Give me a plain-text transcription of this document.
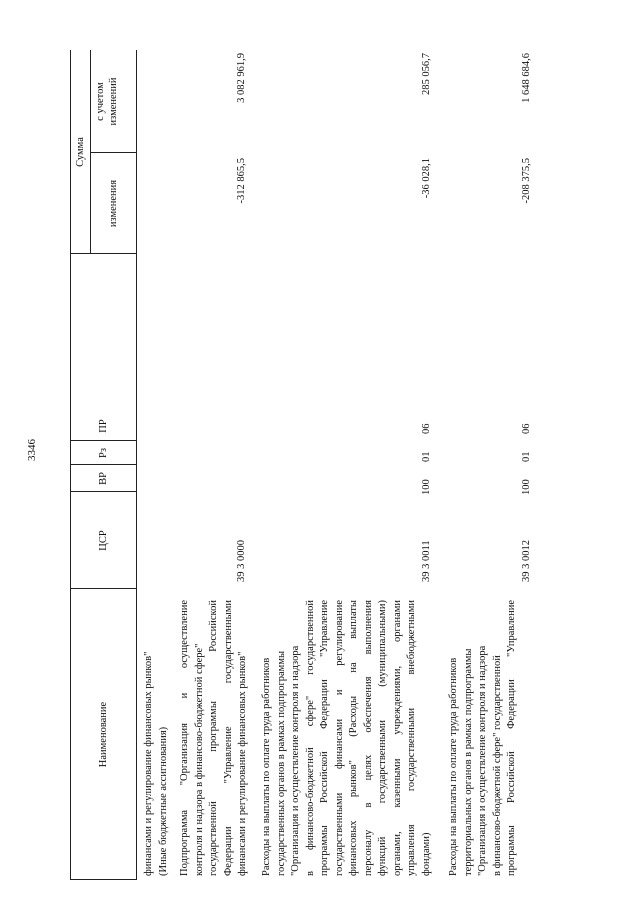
3346
Наименование
ЦСР
ВР
Рз
ПР
Сумма
изменения
с учетом изменений
финансами и регулирование финансовых рынков" (Иные бюджетные ассигнования) Подпрограмма "Организация и осуществление контроля и надзора в финансово-бюджетной сфере" государственной программы Российской Федерации "Управление государственными финансами и регулирование финансовых рынков"
39 3 0000
-312 865,5
3 082 961,9
Расходы на выплаты по оплате труда работников государственных органов в рамках подпрограммы "Организация и осуществление контроля и надзора в финансово-бюджетной сфере" государственной программы Российской Федерации "Управление государственными финансами и регулирование финансовых рынков" (Расходы на выплаты персоналу в целях обеспечения выполнения функций государственными (муниципальными) органами, казенными учреждениями, органами управления государственными внебюджетными фондами)
39 3 0011
100
01
06
-36 028,1
285 056,7
Расходы на выплаты по оплате труда работников территориальных органов в рамках подпрограммы "Организация и осуществление контроля и надзора в финансово-бюджетной сфере" государственной программы Российской Федерации "Управление
39 3 0012
100
01
06
-208 375,5
1 648 684,6
